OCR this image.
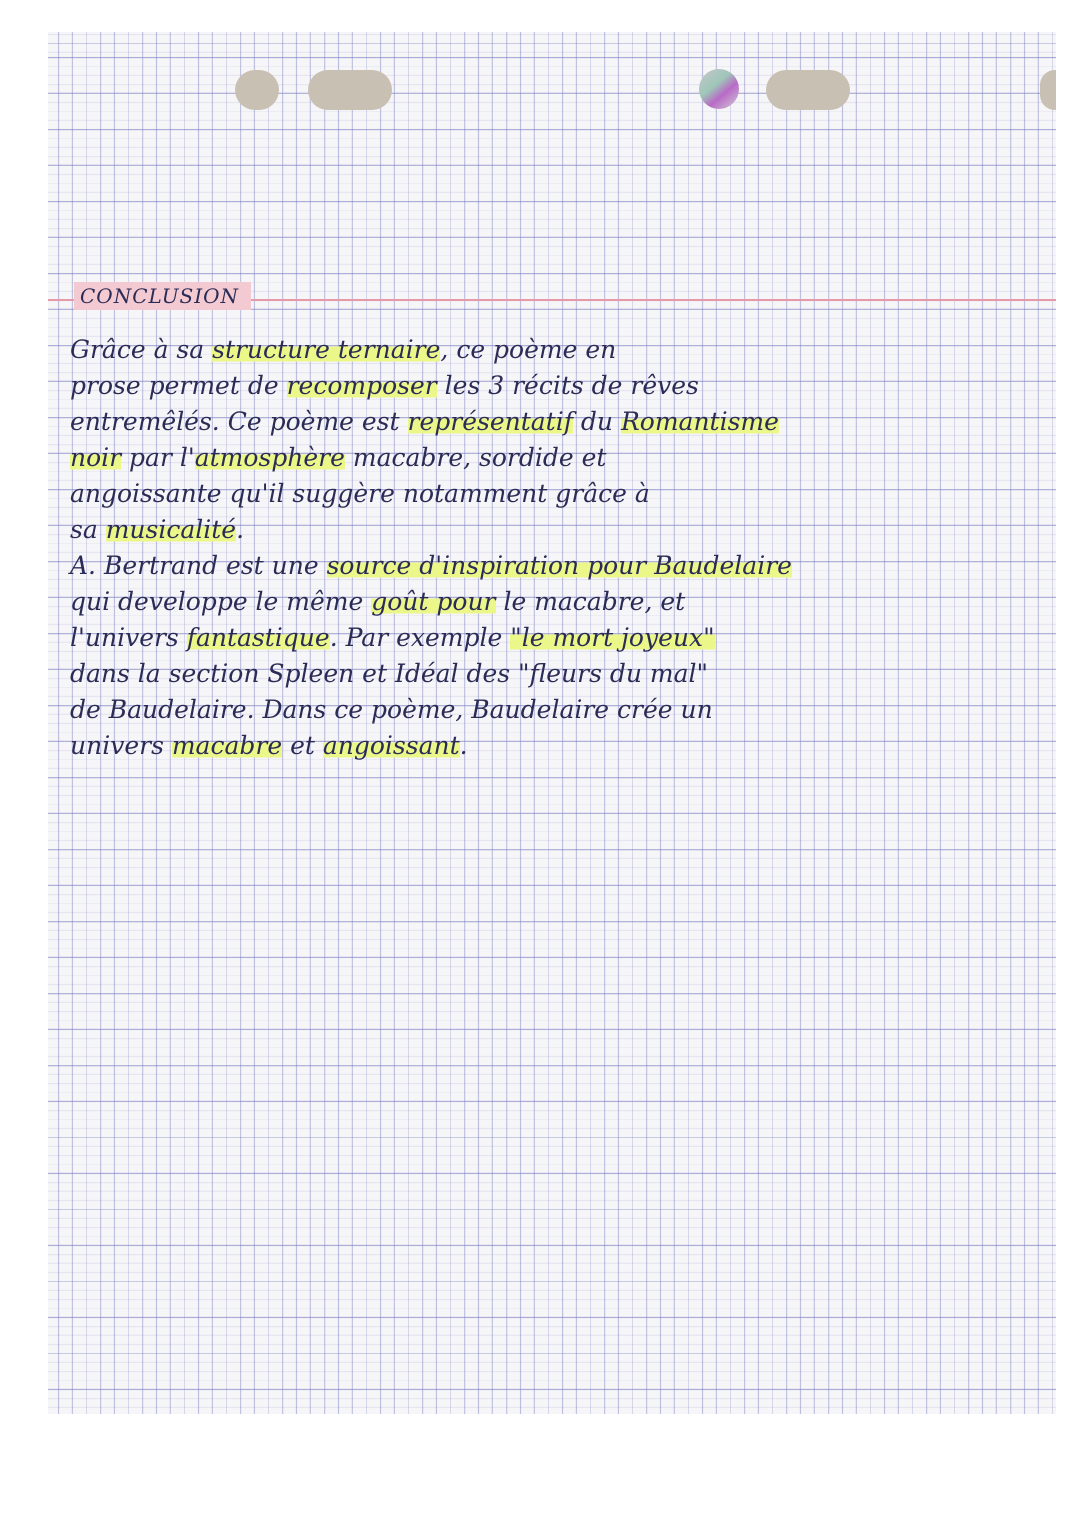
CONCLUSION
Grâce à sa structure ternaire, ce poème en
prose permet de recomposer les 3 récits de rêves
entremêlés. Ce poème est représentatif du Romantisme
noir par l'atmosphère macabre, sordide et
angoissante qu'il suggère notamment grâce à
sa musicalité.
A. Bertrand est une source d'inspiration pour Baudelaire
qui developpe le même goût pour le macabre, et
l'univers fantastique. Par exemple "le mort joyeux"
dans la section Spleen et Idéal des "fleurs du mal"
de Baudelaire. Dans ce poème, Baudelaire crée un
univers macabre et angoissant.
